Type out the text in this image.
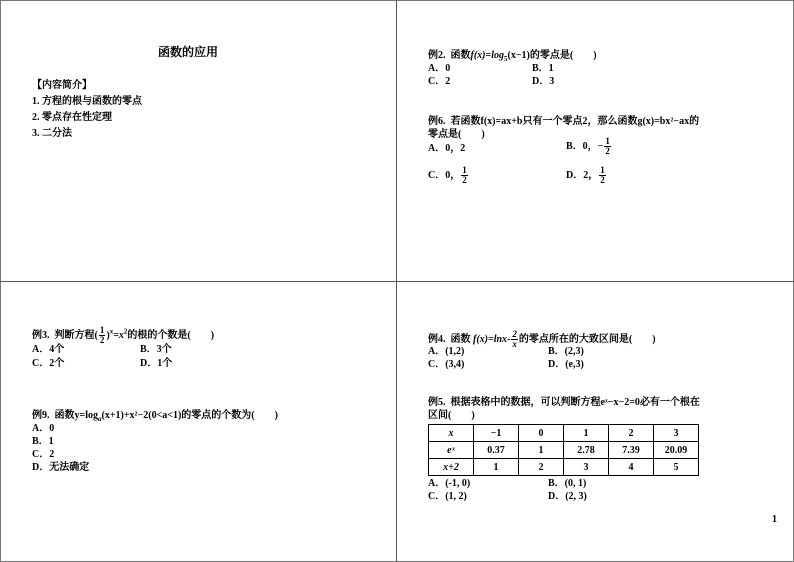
函数的应用
【内容简介】
1. 方程的根与函数的零点
2. 零点存在性定理
3. 二分法
例2. 函数$f(x)=\log_5(x-1)$的零点是(　　)
A．0	B．1
C．2	D．3
例6. 若函数f(x)=ax+b只有一个零点2，那么函数g(x)=bx²−ax的
零点是(　　)
A．0，2	B．0，− $\frac{1}{2}$
C．0， $\frac{1}{2}$	D．2， $\frac{1}{2}$
例3. 判断方程( $\frac{1}{2} )^x=x^2$的根的个数是(　　)
A．4个	B．3个
C．2个	D．1个
例9. 函数$y=\log_a(x+1)+x^2-2(0<a<1)$的零点的个数为(　　)
A．0
B．1
C．2
D．无法确定
例4. 函数 $f(x)=\ln x- \frac{2}{x}$ 的零点所在的大致区间是(　　)
A．(1,2)	B．(2,3)
C．(3,4)	D．(e,3)
例5. 根据表格中的数据，可以判断方程eˣ−x−2=0必有一个根在
区间(　　)
x	−1	0	1	2	3
eˣ	0.37	1	2.78	7.39	20.09
x+2	1	2	3	4	5
A．(-1, 0)	B．(0, 1)
C．(1, 2)	D．(2, 3)
1
